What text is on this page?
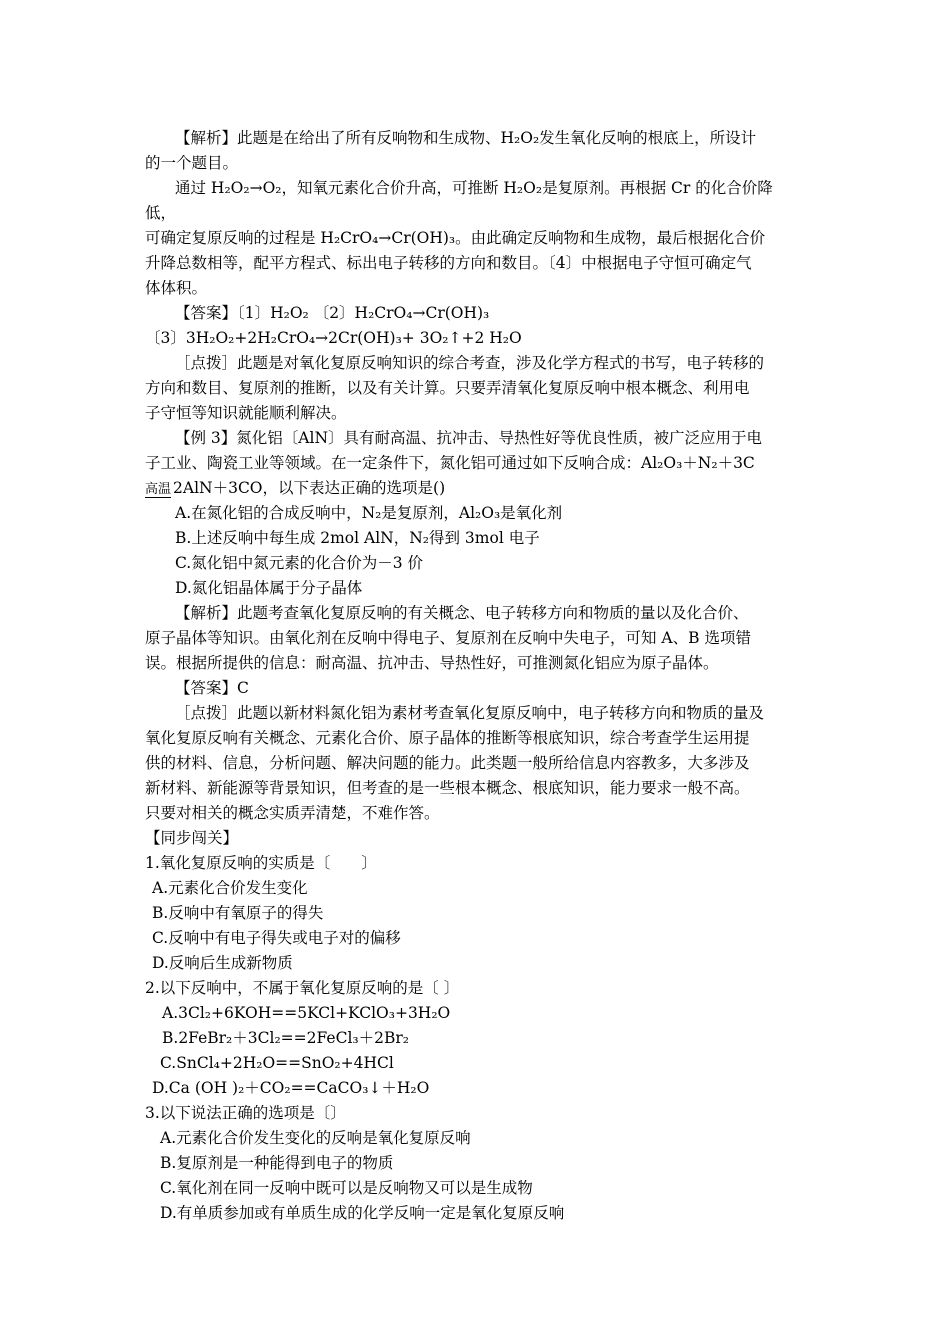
【解析】此题是在给出了所有反响物和生成物、H₂O₂发生氧化反响的根底上，所设计
的一个题目。
通过 H₂O₂→O₂，知氧元素化合价升高，可推断 H₂O₂是复原剂。再根据 Cr 的化合价降
低，
可确定复原反响的过程是 H₂CrO₄→Cr(OH)₃。由此确定反响物和生成物，最后根据化合价
升降总数相等，配平方程式、标出电子转移的方向和数目。〔4〕中根据电子守恒可确定气
体体积。
【答案】〔1〕H₂O₂ 〔2〕H₂CrO₄→Cr(OH)₃
〔3〕3H₂O₂+2H₂CrO₄→2Cr(OH)₃+ 3O₂↑+2 H₂O
［点拨］此题是对氧化复原反响知识的综合考查，涉及化学方程式的书写，电子转移的
方向和数目、复原剂的推断，以及有关计算。只要弄清氧化复原反响中根本概念、利用电
子守恒等知识就能顺利解决。
【例 3】氮化铝〔AlN〕具有耐高温、抗冲击、导热性好等优良性质，被广泛应用于电
子工业、陶瓷工业等领域。在一定条件下，氮化铝可通过如下反响合成：Al₂O₃＋N₂＋3C
高温 2AlN＋3CO，以下表达正确的选项是()
A.在氮化铝的合成反响中，N₂是复原剂，Al₂O₃是氧化剂
B.上述反响中每生成 2mol AlN，N₂得到 3mol 电子
C.氮化铝中氮元素的化合价为－3 价
D.氮化铝晶体属于分子晶体
【解析】此题考查氧化复原反响的有关概念、电子转移方向和物质的量以及化合价、
原子晶体等知识。由氧化剂在反响中得电子、复原剂在反响中失电子，可知 A、B 选项错
误。根据所提供的信息：耐高温、抗冲击、导热性好，可推测氮化铝应为原子晶体。
【答案】C
［点拨］此题以新材料氮化铝为素材考查氧化复原反响中，电子转移方向和物质的量及
氧化复原反响有关概念、元素化合价、原子晶体的推断等根底知识，综合考查学生运用提
供的材料、信息，分析问题、解决问题的能力。此类题一般所给信息内容教多，大多涉及
新材料、新能源等背景知识，但考查的是一些根本概念、根底知识，能力要求一般不高。
只要对相关的概念实质弄清楚，不难作答。
【同步闯关】
1.氧化复原反响的实质是〔　　〕
A.元素化合价发生变化
B.反响中有氧原子的得失
C.反响中有电子得失或电子对的偏移
D.反响后生成新物质
2.以下反响中，不属于氧化复原反响的是〔 〕
A.3Cl₂+6KOH==5KCl+KClO₃+3H₂O
B.2FeBr₂＋3Cl₂==2FeCl₃＋2Br₂
C.SnCl₄+2H₂O==SnO₂+4HCl
D.Ca (OH )₂＋CO₂==CaCO₃↓＋H₂O
3.以下说法正确的选项是〔〕
A.元素化合价发生变化的反响是氧化复原反响
B.复原剂是一种能得到电子的物质
C.氧化剂在同一反响中既可以是反响物又可以是生成物
D.有单质参加或有单质生成的化学反响一定是氧化复原反响
